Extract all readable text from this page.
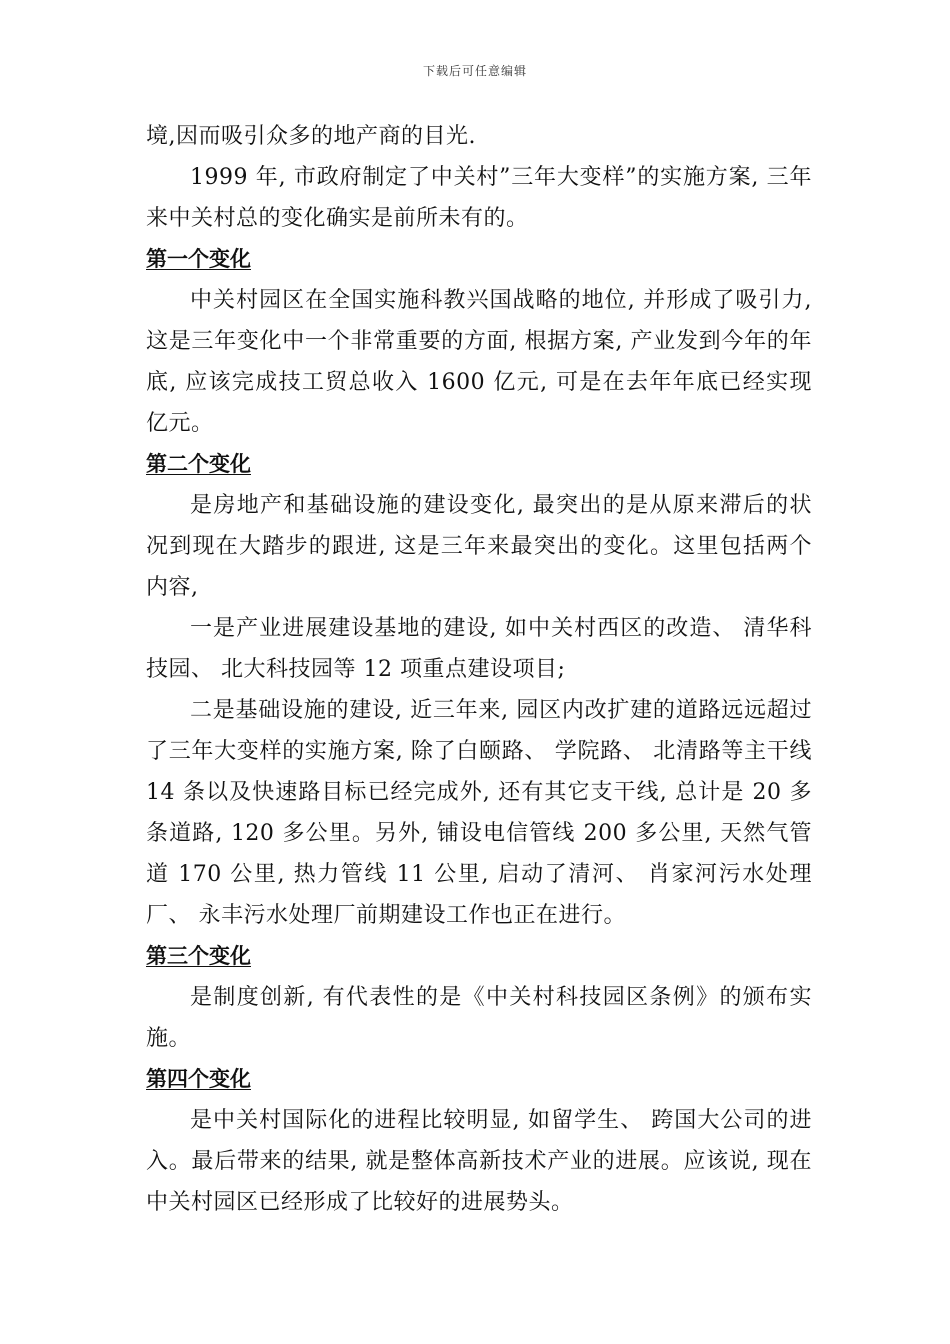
下载后可任意编辑

境,因而吸引众多的地产商的目光.

1999 年, 市政府制定了中关村”三年大变样”的实施方案, 三年来中关村总的变化确实是前所未有的。

第一个变化

中关村园区在全国实施科教兴国战略的地位, 并形成了吸引力, 这是三年变化中一个非常重要的方面, 根据方案, 产业发到今年的年底, 应该完成技工贸总收入 1600 亿元, 可是在去年年底已经实现 亿元。

第二个变化

是房地产和基础设施的建设变化, 最突出的是从原来滞后的状况到现在大踏步的跟进, 这是三年来最突出的变化。这里包括两个内容,

一是产业进展建设基地的建设, 如中关村西区的改造、 清华科技园、 北大科技园等 12 项重点建设项目;

二是基础设施的建设, 近三年来, 园区内改扩建的道路远远超过了三年大变样的实施方案, 除了白颐路、 学院路、 北清路等主干线 14 条以及快速路目标已经完成外, 还有其它支干线, 总计是 20 多条道路, 120 多公里。另外, 铺设电信管线 200 多公里, 天然气管道 170 公里, 热力管线 11 公里, 启动了清河、 肖家河污水处理厂、 永丰污水处理厂前期建设工作也正在进行。

第三个变化

是制度创新, 有代表性的是《中关村科技园区条例》的颁布实施。

第四个变化

是中关村国际化的进程比较明显, 如留学生、 跨国大公司的进入。最后带来的结果, 就是整体高新技术产业的进展。应该说, 现在中关村园区已经形成了比较好的进展势头。
